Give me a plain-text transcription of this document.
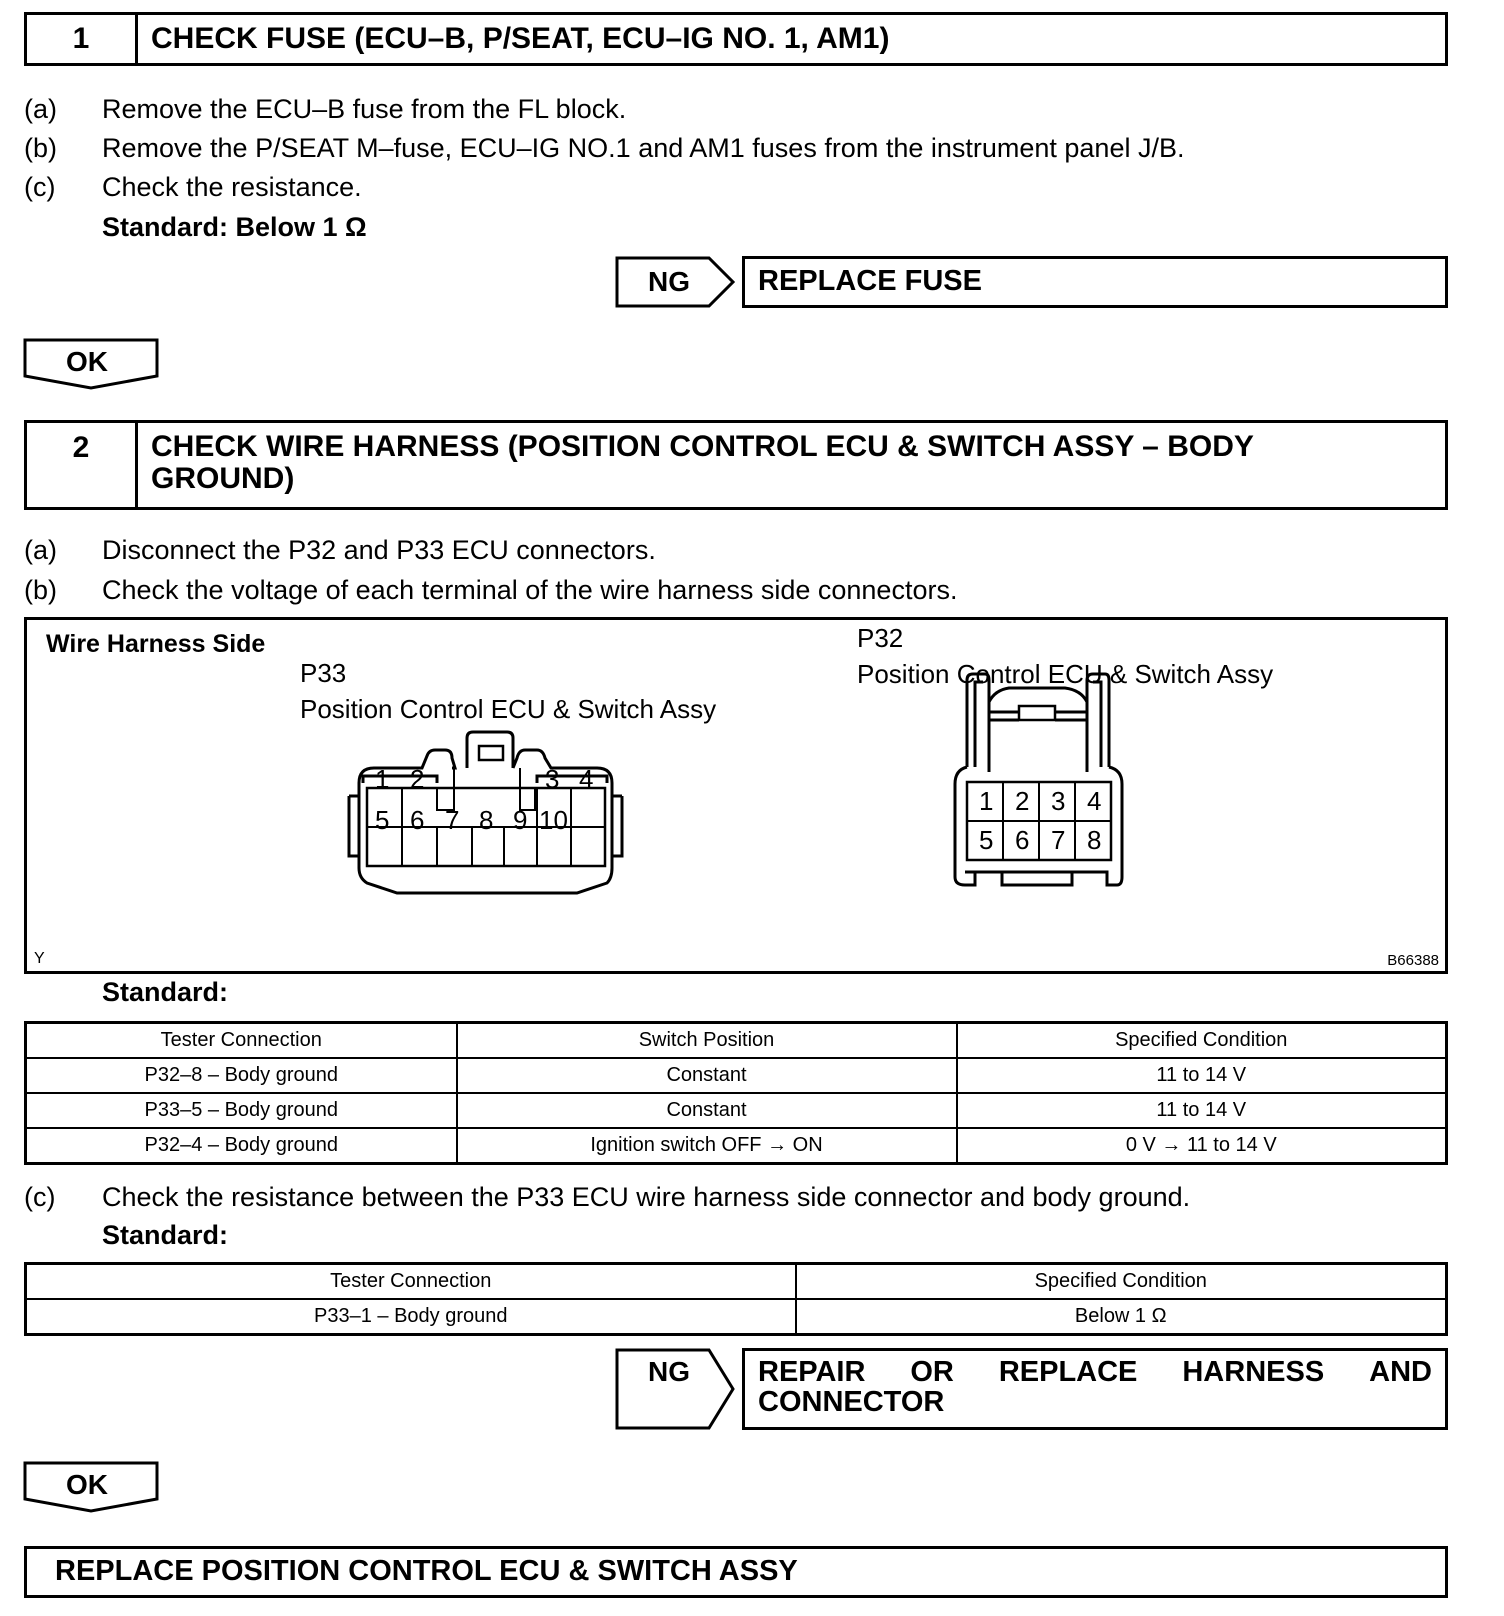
1	CHECK FUSE (ECU–B, P/SEAT, ECU–IG NO. 1, AM1)
(a) Remove the ECU–B fuse from the FL block.
(b) Remove the P/SEAT M–fuse, ECU–IG NO.1 and AM1 fuses from the instrument panel J/B.
(c) Check the resistance.
Standard: Below 1 Ω
NG	REPLACE FUSE
OK
2	CHECK WIRE HARNESS (POSITION CONTROL ECU & SWITCH ASSY – BODY
GROUND)
(a) Disconnect the P32 and P33 ECU connectors.
(b) Check the voltage of each terminal of the wire harness side connectors.
Wire Harness Side
P33
Position Control ECU & Switch Assy
P32
Position Control ECU & Switch Assy
1 2	3 4
5 6 7 8 9 10
1 2 3 4
5 6 7 8
Y	B66388
Standard:
Tester Connection	Switch Position	Specified Condition
P32–8 – Body ground	Constant	11 to 14 V
P33–5 – Body ground	Constant	11 to 14 V
P32–4 – Body ground	Ignition switch OFF → ON	0 V → 11 to 14 V
(c) Check the resistance between the P33 ECU wire harness side connector and body ground.
Standard:
Tester Connection	Specified Condition
P33–1 – Body ground	Below 1 Ω
NG REPAIR OR REPLACE HARNESS AND
CONNECTOR
OK
REPLACE POSITION CONTROL ECU & SWITCH ASSY
